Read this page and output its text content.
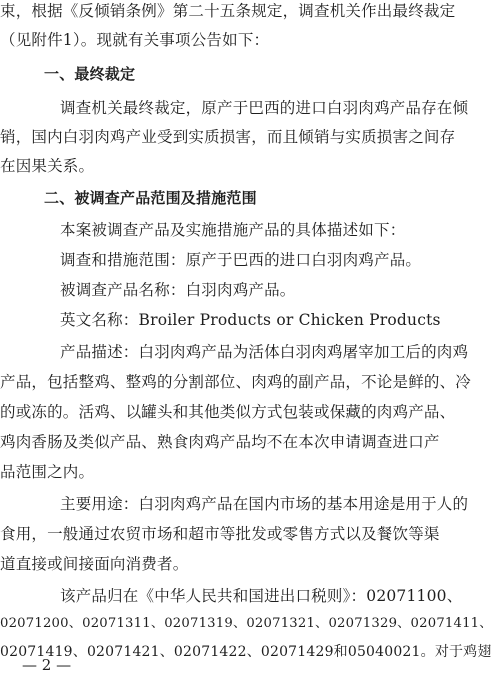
束，根据《反倾销条例》第二十五条规定，调查机关作出最终裁定
（见附件1）。现就有关事项公告如下：
一、最终裁定
调查机关最终裁定，原产于巴西的进口白羽肉鸡产品存在倾
销，国内白羽肉鸡产业受到实质损害，而且倾销与实质损害之间存
在因果关系。
二、被调查产品范围及措施范围
本案被调查产品及实施措施产品的具体描述如下：
调查和措施范围：原产于巴西的进口白羽肉鸡产品。
被调查产品名称：白羽肉鸡产品。
英文名称：Broiler Products or Chicken Products
产品描述：白羽肉鸡产品为活体白羽肉鸡屠宰加工后的肉鸡
产品，包括整鸡、整鸡的分割部位、肉鸡的副产品，不论是鲜的、冷
的或冻的。活鸡、以罐头和其他类似方式包装或保藏的肉鸡产品、
鸡肉香肠及类似产品、熟食肉鸡产品均不在本次申请调查进口产
品范围之内。
主要用途：白羽肉鸡产品在国内市场的基本用途是用于人的
食用，一般通过农贸市场和超市等批发或零售方式以及餐饮等渠
道直接或间接面向消费者。
该产品归在《中华人民共和国进出口税则》：02071100、
02071200、02071311、02071319、02071321、02071329、02071411、
02071419、02071421、02071422、02071429和05040021。对于鸡翅
— 2 —
